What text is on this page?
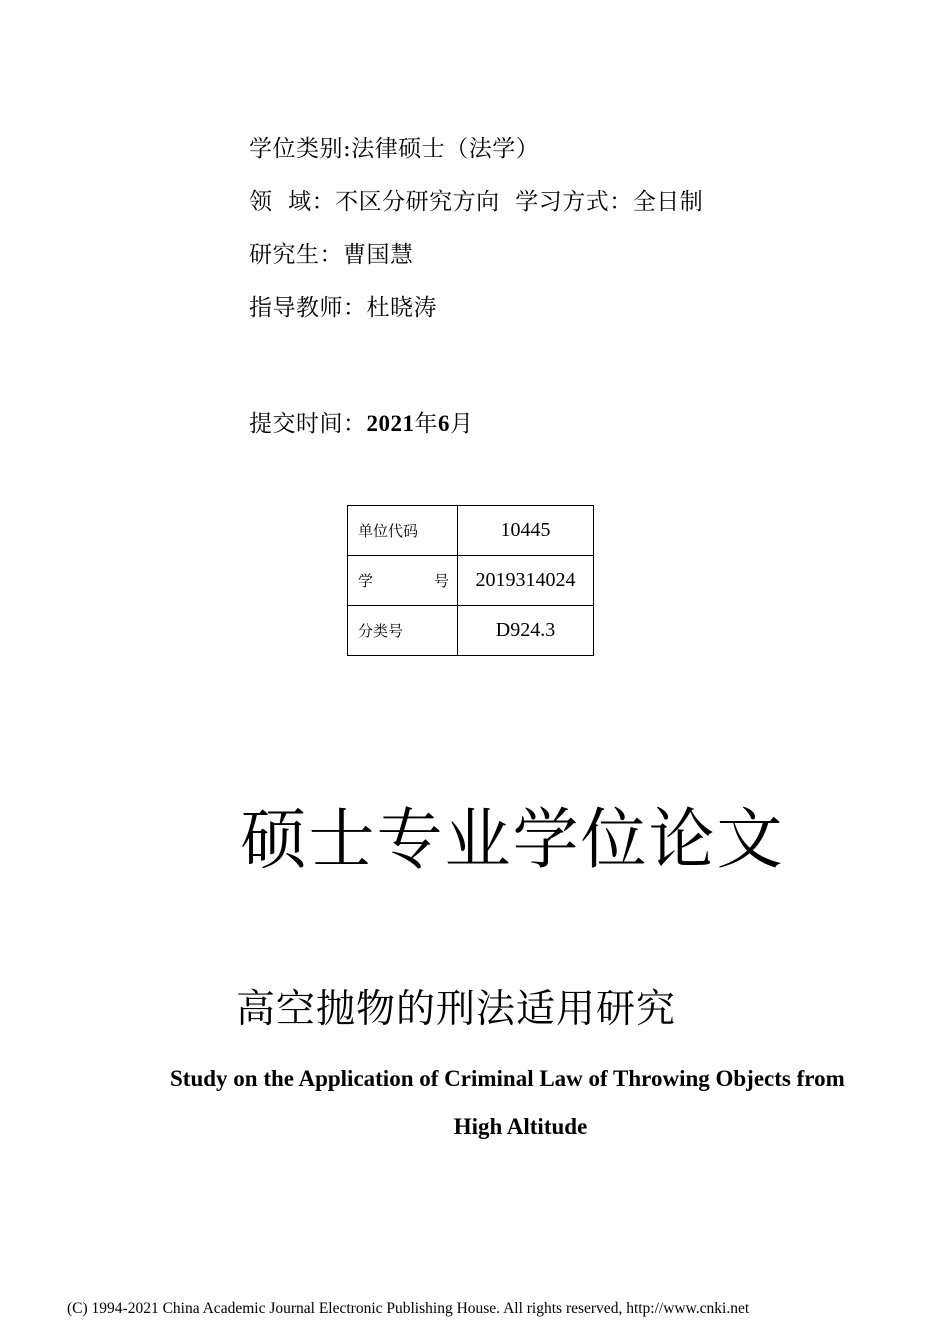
学位类别:法律硕士（法学）
领  域：不区分研究方向  学习方式：全日制
研究生：曹国慧
指导教师：杜晓涛
提交时间：2021年6月
单位代码	10445

学 号	2019314024
分类号	D924.3
硕士专业学位论文
高空抛物的刑法适用研究
Study on the Application of Criminal Law of Throwing Objects from
High Altitude
(C) 1994-2021 China Academic Journal Electronic Publishing House. All rights reserved, http://www.cnki.net
